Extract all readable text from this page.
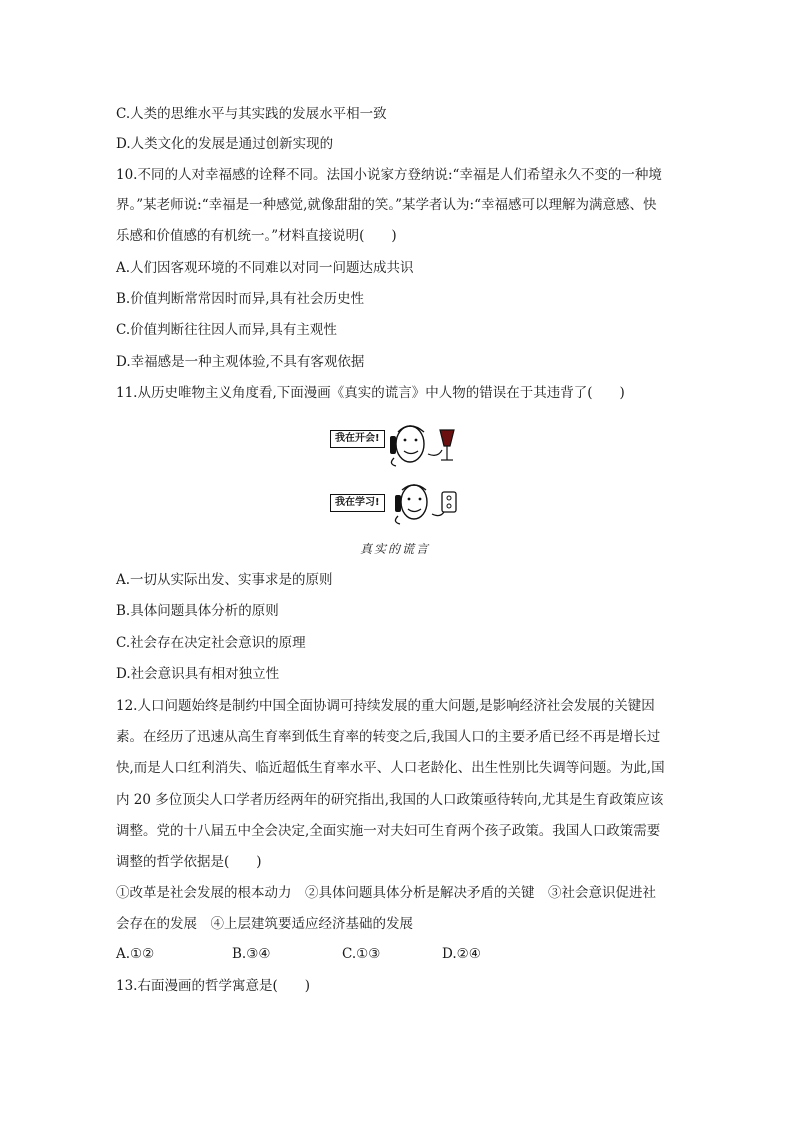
C.人类的思维水平与其实践的发展水平相一致
D.人类文化的发展是通过创新实现的
10.不同的人对幸福感的诠释不同。法国小说家方登纳说:“幸福是人们希望永久不变的一种境
界。”某老师说:“幸福是一种感觉,就像甜甜的笑。”某学者认为:“幸福感可以理解为满意感、快
乐感和价值感的有机统一。”材料直接说明(　　)
A.人们因客观环境的不同难以对同一问题达成共识
B.价值判断常常因时而异,具有社会历史性
C.价值判断往往因人而异,具有主观性
D.幸福感是一种主观体验,不具有客观依据
11.从历史唯物主义角度看,下面漫画《真实的谎言》中人物的错误在于其违背了(　　)
我在开会!
我在学习!
真实的谎言
A.一切从实际出发、实事求是的原则
B.具体问题具体分析的原则
C.社会存在决定社会意识的原理
D.社会意识具有相对独立性
12.人口问题始终是制约中国全面协调可持续发展的重大问题,是影响经济社会发展的关键因
素。在经历了迅速从高生育率到低生育率的转变之后,我国人口的主要矛盾已经不再是增长过
快,而是人口红利消失、临近超低生育率水平、人口老龄化、出生性别比失调等问题。为此,国
内 20 多位顶尖人口学者历经两年的研究指出,我国的人口政策亟待转向,尤其是生育政策应该
调整。党的十八届五中全会决定,全面实施一对夫妇可生育两个孩子政策。我国人口政策需要
调整的哲学依据是(　　)
①改革是社会发展的根本动力　②具体问题具体分析是解决矛盾的关键　③社会意识促进社
会存在的发展　④上层建筑要适应经济基础的发展
A.①②	B.③④	C.①③	D.②④
13.右面漫画的哲学寓意是(　　)
